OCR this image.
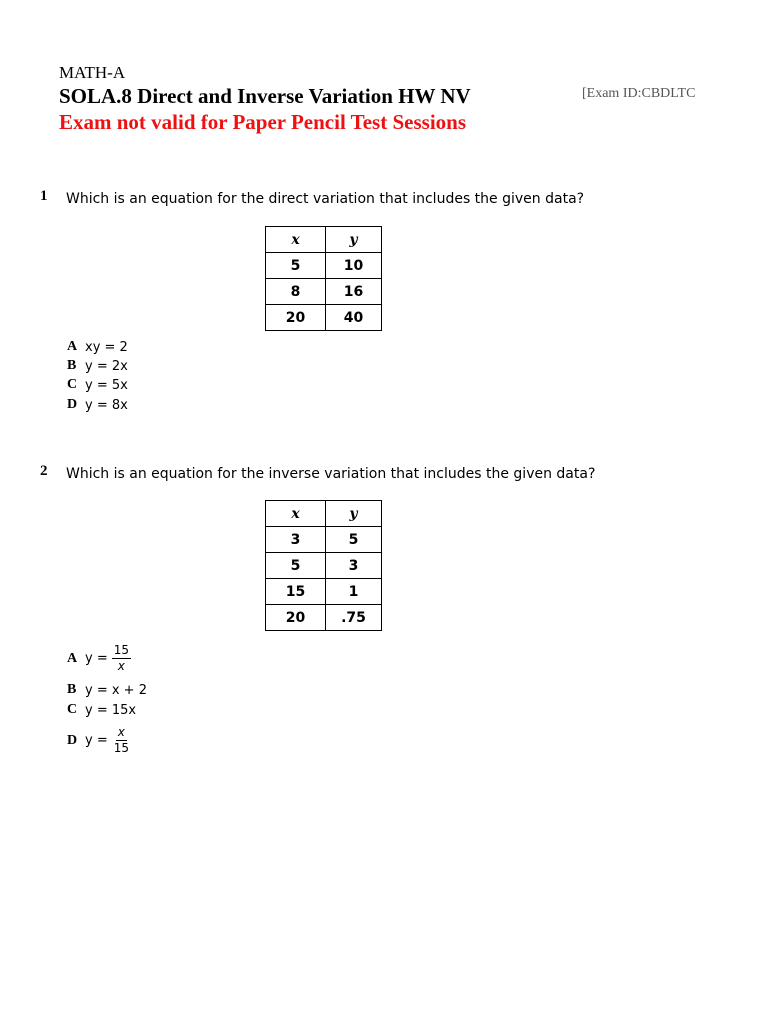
MATH-A
SOLA.8 Direct and Inverse Variation HW NV
Exam not valid for Paper Pencil Test Sessions
[Exam ID:CBDLTC
1 Which is an equation for the direct variation that includes the given data?
x	y
5	10
8	16
20	40
A xy = 2
B y = 2x
C y = 5x
D y = 8x
2 Which is an equation for the inverse variation that includes the given data?
x	y
3	5
5	3
15	1
20	.75
A $y = \frac{15}{x}$
B y = x + 2
C y = 15x
D $y = \frac{x}{15}$
